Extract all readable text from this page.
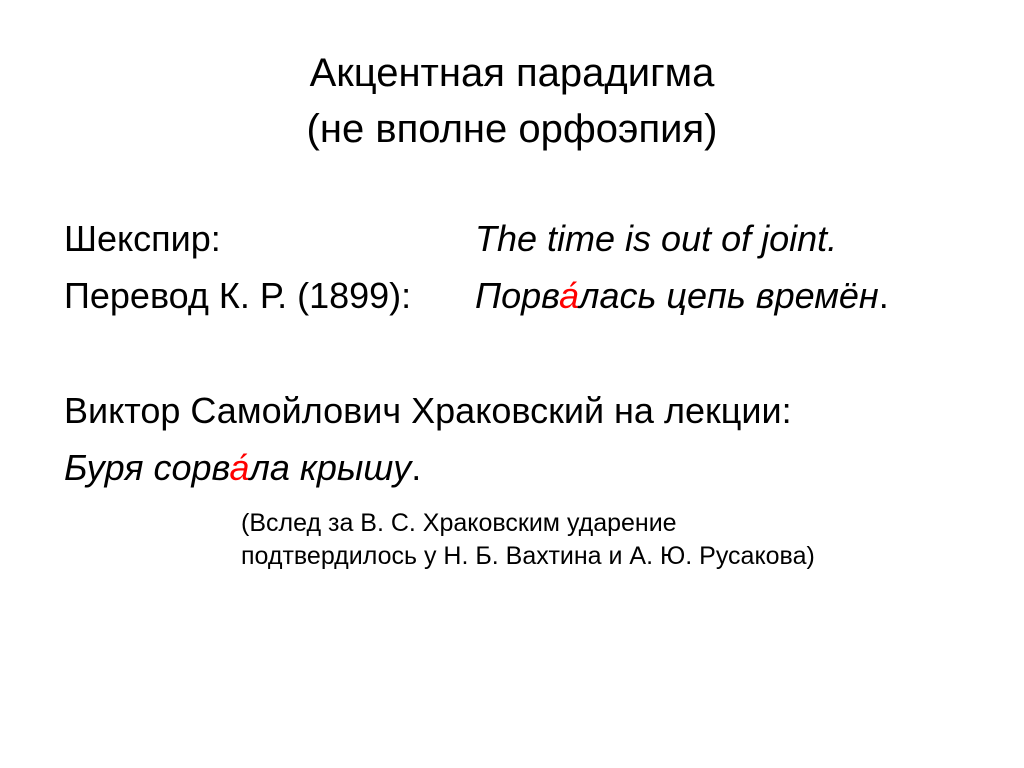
Акцентная парадигма
(не вполне орфоэпия)
Шекспир:	The time is out of joint.
Перевод К. Р. (1899): Порва́лась цепь времён.
Виктор Самойлович Храковский на лекции:
Буря сорва́ла крышу.
(Вслед за В. С. Храковским ударение
подтвердилось у Н. Б. Вахтина и А. Ю. Русакова)
